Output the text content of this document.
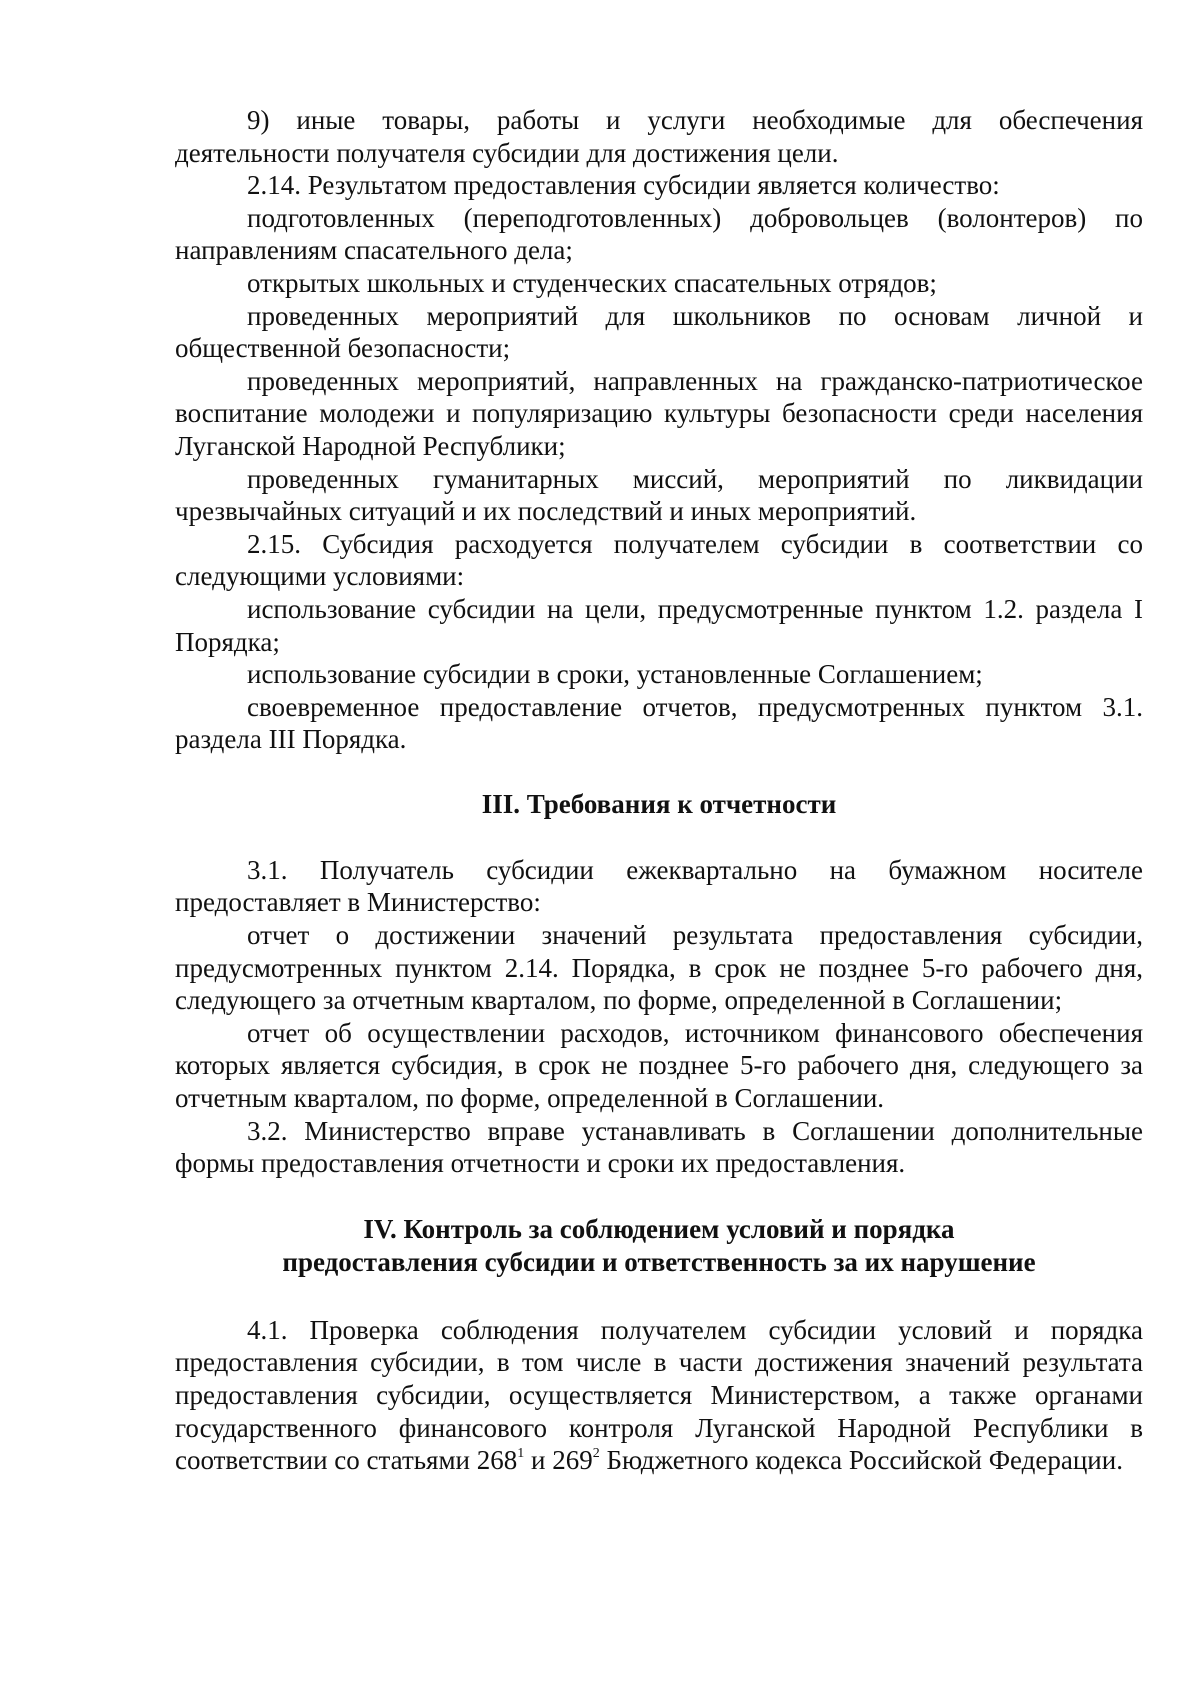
9) иные товары, работы и услуги необходимые для обеспечения деятельности получателя субсидии для достижения цели.

2.14. Результатом предоставления субсидии является количество:

подготовленных (переподготовленных) добровольцев (волонтеров) по направлениям спасательного дела;

открытых школьных и студенческих спасательных отрядов;

проведенных мероприятий для школьников по основам личной и общественной безопасности;

проведенных мероприятий, направленных на гражданско-патриотическое воспитание молодежи и популяризацию культуры безопасности среди населения Луганской Народной Республики;

проведенных гуманитарных миссий, мероприятий по ликвидации чрезвычайных ситуаций и их последствий и иных мероприятий.

2.15. Субсидия расходуется получателем субсидии в соответствии со следующими условиями:

использование субсидии на цели, предусмотренные пунктом 1.2. раздела I Порядка;

использование субсидии в сроки, установленные Соглашением;

своевременное предоставление отчетов, предусмотренных пунктом 3.1. раздела III Порядка.

III. Требования к отчетности

3.1. Получатель субсидии ежеквартально на бумажном носителе предоставляет в Министерство:

отчет о достижении значений результата предоставления субсидии, предусмотренных пунктом 2.14. Порядка, в срок не позднее 5-го рабочего дня, следующего за отчетным кварталом, по форме, определенной в Соглашении;

отчет об осуществлении расходов, источником финансового обеспечения которых является субсидия, в срок не позднее 5-го рабочего дня, следующего за отчетным кварталом, по форме, определенной в Соглашении.

3.2. Министерство вправе устанавливать в Соглашении дополнительные формы предоставления отчетности и сроки их предоставления.

IV. Контроль за соблюдением условий и порядка
предоставления субсидии и ответственность за их нарушение

4.1. Проверка соблюдения получателем субсидии условий и порядка предоставления субсидии, в том числе в части достижения значений результата предоставления субсидии, осуществляется Министерством, а также органами государственного финансового контроля Луганской Народной Республики в соответствии со статьями $268^1$ и $269^2$ Бюджетного кодекса Российской Федерации.
